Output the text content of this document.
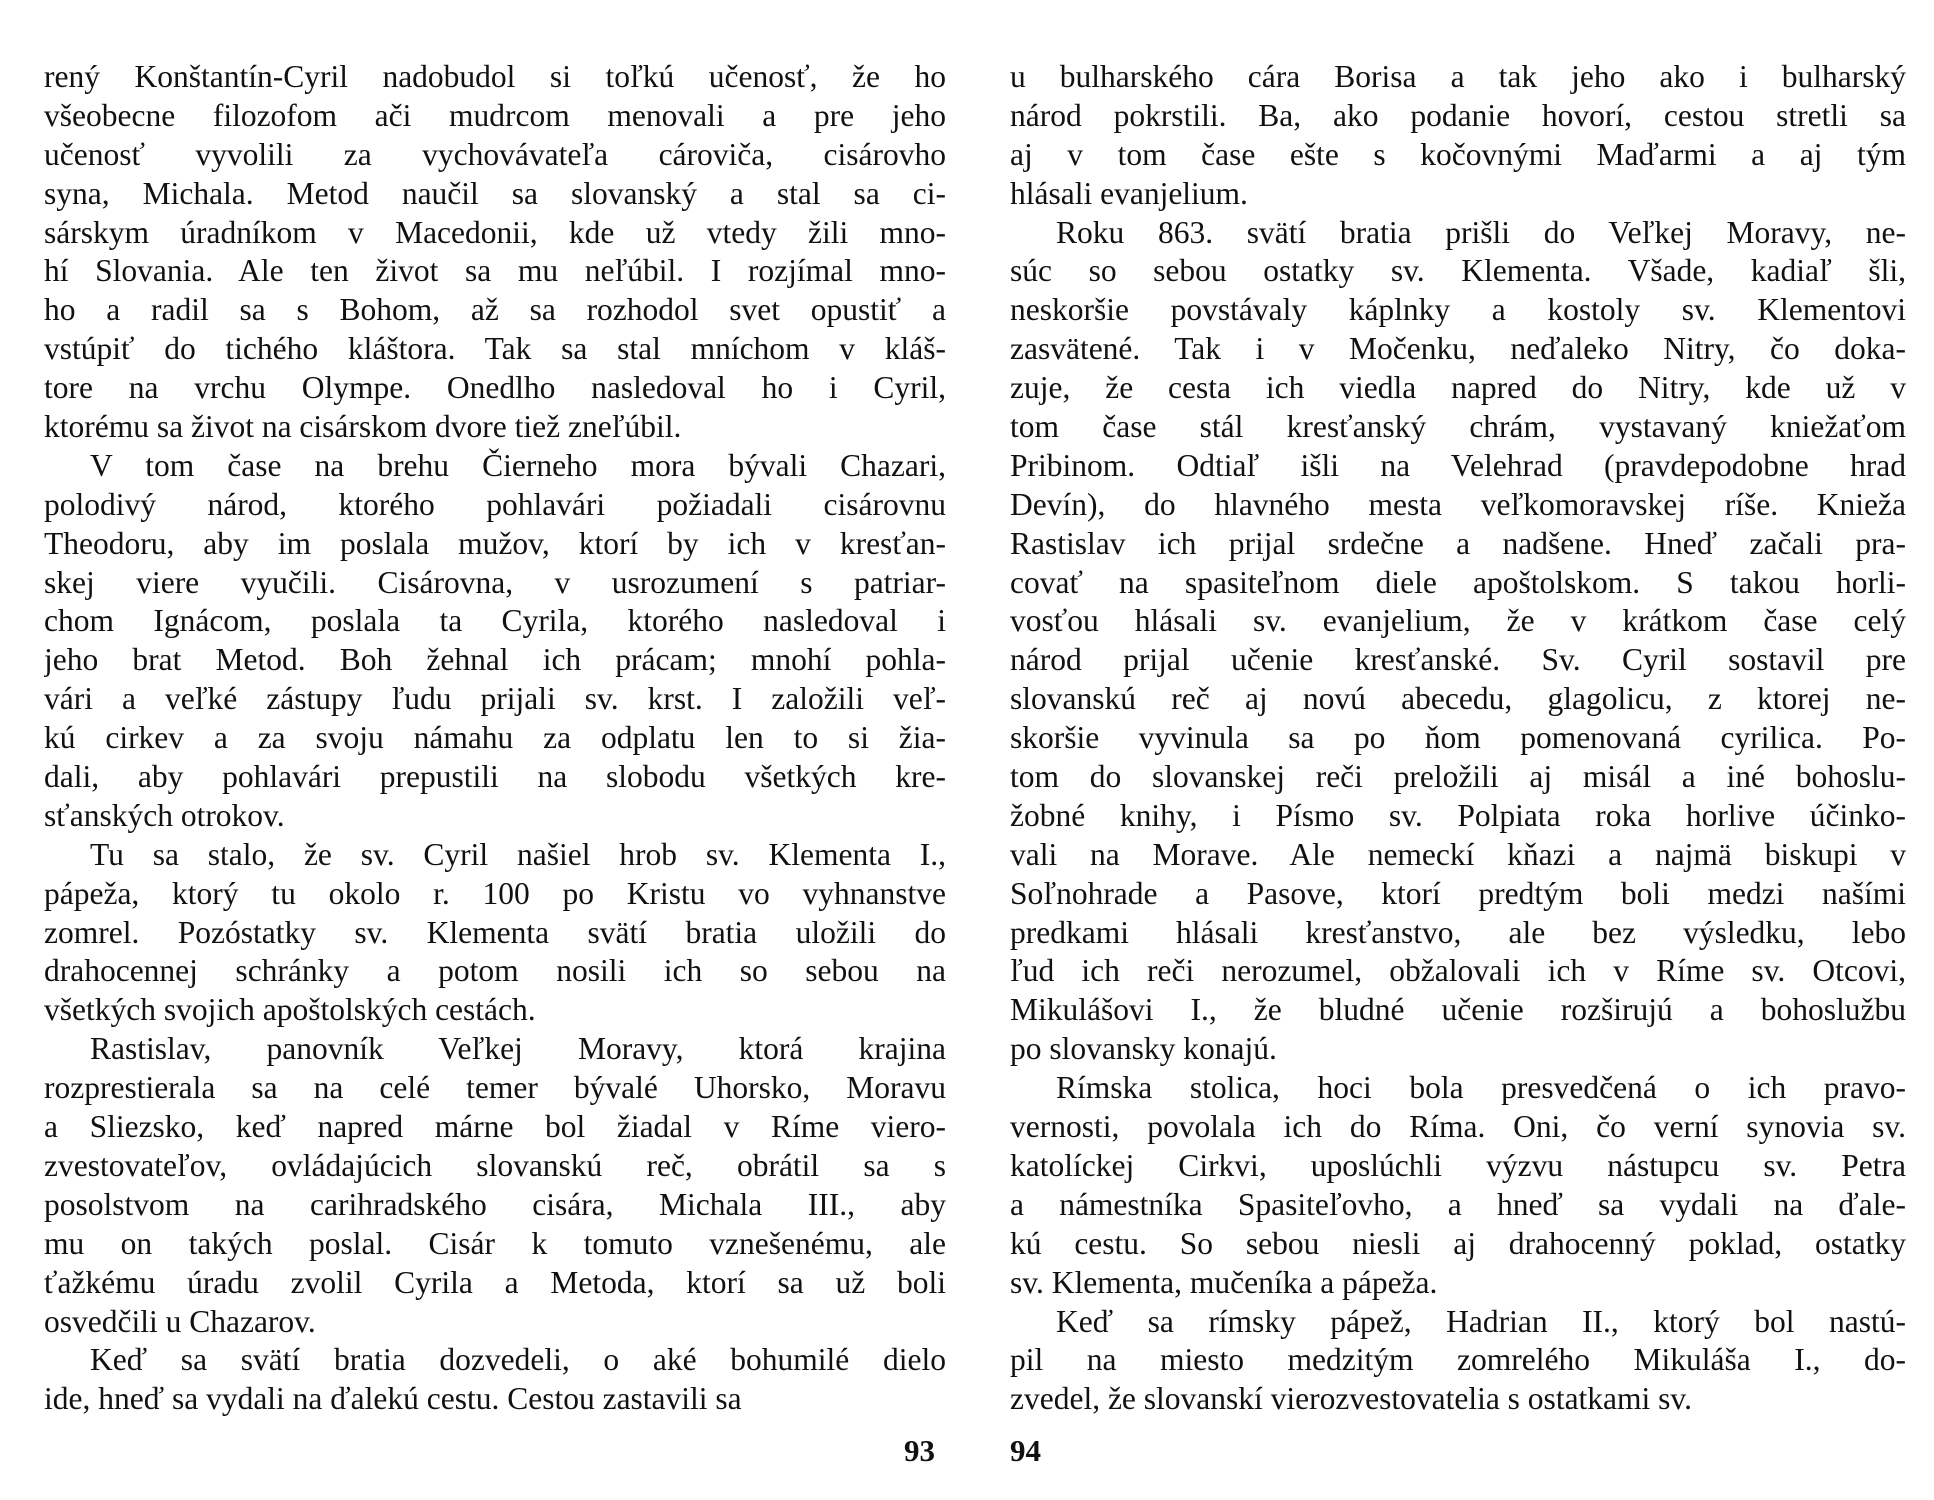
rený Konštantín-Cyril nadobudol si toľkú učenosť, že ho
všeobecne filozofom ači mudrcom menovali a pre jeho
učenosť vyvolili za vychovávateľa cároviča, cisárovho
syna, Michala. Metod naučil sa slovanský a stal sa ci-
sárskym úradníkom v Macedonii, kde už vtedy žili mno-
hí Slovania. Ale ten život sa mu neľúbil. I rozjímal mno-
ho a radil sa s Bohom, až sa rozhodol svet opustiť a
vstúpiť do tichého kláštora. Tak sa stal mníchom v kláš-
tore na vrchu Olympe. Onedlho nasledoval ho i Cyril,
ktorému sa život na cisárskom dvore tiež zneľúbil.
V tom čase na brehu Čierneho mora bývali Chazari,
polodivý národ, ktorého pohlavári požiadali cisárovnu
Theodoru, aby im poslala mužov, ktorí by ich v kresťan-
skej viere vyučili. Cisárovna, v usrozumení s patriar-
chom Ignácom, poslala ta Cyrila, ktorého nasledoval i
jeho brat Metod. Boh žehnal ich prácam; mnohí pohla-
vári a veľké zástupy ľudu prijali sv. krst. I založili veľ-
kú cirkev a za svoju námahu za odplatu len to si žia-
dali, aby pohlavári prepustili na slobodu všetkých kre-
sťanských otrokov.
Tu sa stalo, že sv. Cyril našiel hrob sv. Klementa I.,
pápeža, ktorý tu okolo r. 100 po Kristu vo vyhnanstve
zomrel. Pozóstatky sv. Klementa svätí bratia uložili do
drahocennej schránky a potom nosili ich so sebou na
všetkých svojich apoštolských cestách.
Rastislav, panovník Veľkej Moravy, ktorá krajina
rozprestierala sa na celé temer bývalé Uhorsko, Moravu
a Sliezsko, keď napred márne bol žiadal v Ríme viero-
zvestovateľov, ovládajúcich slovanskú reč, obrátil sa s
posolstvom na carihradského cisára, Michala III., aby
mu on takých poslal. Cisár k tomuto vznešenému, ale
ťažkému úradu zvolil Cyrila a Metoda, ktorí sa už boli
osvedčili u Chazarov.
Keď sa svätí bratia dozvedeli, o aké bohumilé dielo
ide, hneď sa vydali na ďalekú cestu. Cestou zastavili sa
u bulharského cára Borisa a tak jeho ako i bulharský
národ pokrstili. Ba, ako podanie hovorí, cestou stretli sa
aj v tom čase ešte s kočovnými Maďarmi a aj tým
hlásali evanjelium.
Roku 863. svätí bratia prišli do Veľkej Moravy, ne-
súc so sebou ostatky sv. Klementa. Všade, kadiaľ šli,
neskoršie povstávaly káplnky a kostoly sv. Klementovi
zasvätené. Tak i v Močenku, neďaleko Nitry, čo doka-
zuje, že cesta ich viedla napred do Nitry, kde už v
tom čase stál kresťanský chrám, vystavaný kniežaťom
Pribinom. Odtiaľ išli na Velehrad (pravdepodobne hrad
Devín), do hlavného mesta veľkomoravskej ríše. Knieža
Rastislav ich prijal srdečne a nadšene. Hneď začali pra-
covať na spasiteľnom diele apoštolskom. S takou horli-
vosťou hlásali sv. evanjelium, že v krátkom čase celý
národ prijal učenie kresťanské. Sv. Cyril sostavil pre
slovanskú reč aj novú abecedu, glagolicu, z ktorej ne-
skoršie vyvinula sa po ňom pomenovaná cyrilica. Po-
tom do slovanskej reči preložili aj misál a iné bohoslu-
žobné knihy, i Písmo sv. Polpiata roka horlive účinko-
vali na Morave. Ale nemeckí kňazi a najmä biskupi v
Soľnohrade a Pasove, ktorí predtým boli medzi našími
predkami hlásali kresťanstvo, ale bez výsledku, lebo
ľud ich reči nerozumel, obžalovali ich v Ríme sv. Otcovi,
Mikulášovi I., že bludné učenie rozširujú a bohoslužbu
po slovansky konajú.
Rímska stolica, hoci bola presvedčená o ich pravo-
vernosti, povolala ich do Ríma. Oni, čo verní synovia sv.
katolíckej Cirkvi, uposlúchli výzvu nástupcu sv. Petra
a námestníka Spasiteľovho, a hneď sa vydali na ďale-
kú cestu. So sebou niesli aj drahocenný poklad, ostatky
sv. Klementa, mučeníka a pápeža.
Keď sa rímsky pápež, Hadrian II., ktorý bol nastú-
pil na miesto medzitým zomrelého Mikuláša I., do-
zvedel, že slovanskí vierozvestovatelia s ostatkami sv.
93 94
